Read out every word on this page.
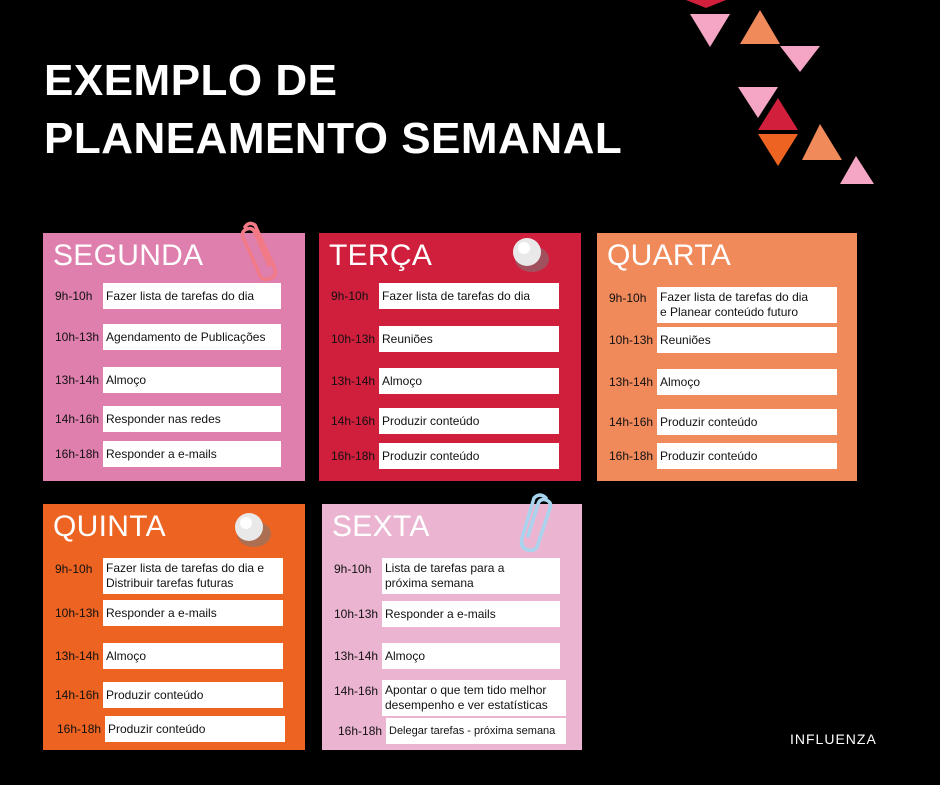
EXEMPLO DE
PLANEAMENTO SEMANAL
SEGUNDA
9h-10h	Fazer lista de tarefas do dia
10h-13h Agendamento de Publicações
13h-14h Almoço
14h-16h Responder nas redes
16h-18h Responder a e-mails
TERÇA
9h-10h	Fazer lista de tarefas do dia
10h-13h Reuniões
13h-14h Almoço
14h-16h Produzir conteúdo
16h-18h Produzir conteúdo
QUARTA
9h-10h	Fazer lista de tarefas do dia
e Planear conteúdo futuro
10h-13h Reuniões
13h-14h Almoço
14h-16h Produzir conteúdo
16h-18h Produzir conteúdo
QUINTA
9h-10h	Fazer lista de tarefas do dia e
Distribuir tarefas futuras
10h-13h Responder a e-mails
13h-14h Almoço
14h-16h Produzir conteúdo
16h-18h Produzir conteúdo
SEXTA
9h-10h	Lista de tarefas para a
próxima semana
10h-13h Responder a e-mails
13h-14h Almoço
14h-16h Apontar o que tem tido melhor
desempenho e ver estatísticas
16h-18h Delegar tarefas - próxima semana
INFLUENZA
